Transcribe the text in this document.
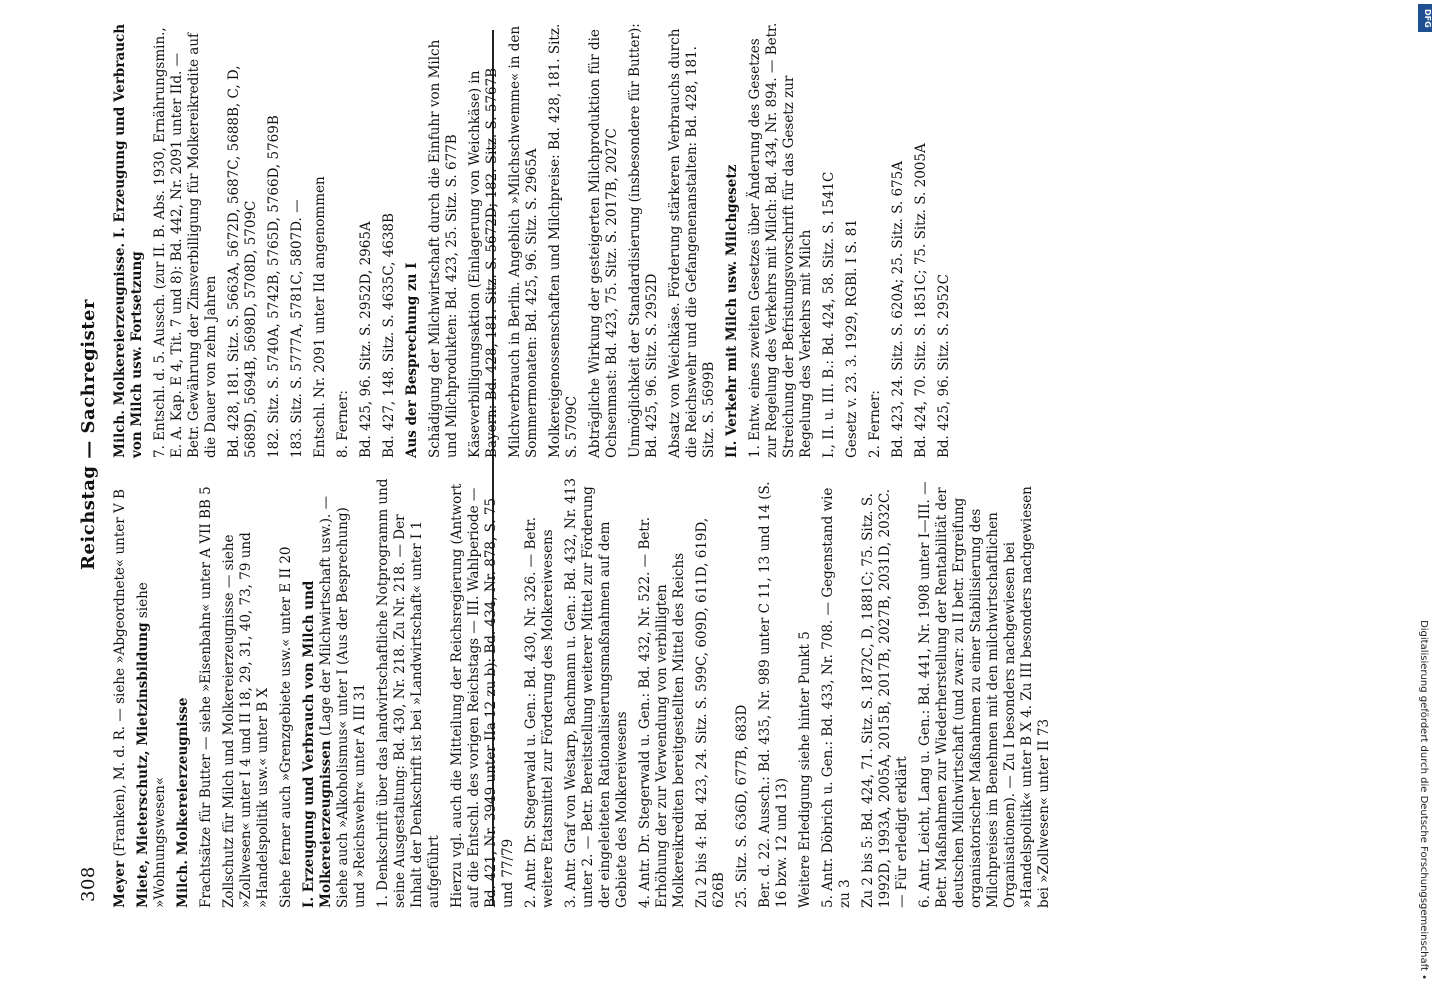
308
Reichstag — Sachregister
Meyer (Franken), M. d. R. — siehe »Abgeordnete« unter V B Miete, Mieterschutz, Mietzinsbildung siehe »Wohnungswesen« Milch. Molkereierzeugnisse Frachtsätze für Butter — siehe »Eisenbahn« unter A VII BB 5 Zollschutz für Milch und Molkereierzeugnisse — siehe »Zollwesen« unter I 4 und II 18, 29, 31, 40, 73, 79 und »Handelspolitik usw.« unter B X Siehe ferner auch »Grenzgebiete usw.« unter E II 20 I. Erzeugung und Verbrauch von Milch und Molkereierzeugnissen (Lage der Milchwirtschaft usw.). — Siehe auch »Alkoholismus« unter I (Aus der Besprechung) und »Reichswehr« unter A III 31 1. Denkschrift über das landwirtschaftliche Notprogramm und seine Ausgestaltung: Bd. 430, Nr. 218. Zu Nr. 218. — Der Inhalt der Denkschrift ist bei »Landwirtschaft« unter I 1 aufgeführt Hierzu vgl. auch die Mitteilung der Reichsregierung (Antwort auf die Entschl. des vorigen Reichstags — III. Wahlperiode — Bd. 421, Nr. 3949 unter IIa 12 zu b): Bd. 434, Nr. 878, S. 75 und 77/79 2. Antr. Dr. Stegerwald u. Gen.: Bd. 430, Nr. 326. — Betr. weitere Etatsmittel zur Förderung des Molkereiwesens 3. Antr. Graf von Westarp, Bachmann u. Gen.: Bd. 432, Nr. 413 unter 2. — Betr. Bereitstellung weiterer Mittel zur Förderung der eingeleiteten Rationalisierungsmaßnahmen auf dem Gebiete des Molkereiwesens 4. Antr. Dr. Stegerwald u. Gen.: Bd. 432, Nr. 522. — Betr. Erhöhung der zur Verwendung von verbilligten Molkereikrediten bereitgestellten Mittel des Reichs Zu 2 bis 4: Bd. 423, 24. Sitz. S. 599C, 609D, 611D, 619D, 626B 25. Sitz. S. 636D, 677B, 683D Ber. d. 22. Aussch.: Bd. 435, Nr. 989 unter C 11, 13 und 14 (S. 16 bzw. 12 und 13) Weitere Erledigung siehe hinter Punkt 5 5. Antr. Döbrich u. Gen.: Bd. 433, Nr. 708. — Gegenstand wie zu 3 Zu 2 bis 5: Bd. 424, 71. Sitz. S. 1872C, D, 1881C; 75. Sitz. S. 1992D, 1993A, 2005A, 2015B, 2017B, 2027B, 2031D, 2032C. — Für erledigt erklärt 6. Antr. Leicht, Lang u. Gen.: Bd. 441, Nr. 1908 unter I—III. — Betr. Maßnahmen zur Wiederherstellung der Rentabilität der deutschen Milchwirtschaft (und zwar: zu II betr. Ergreifung organisatorischer Maßnahmen zu einer Stabilisierung des Milchpreises im Benehmen mit den milchwirtschaftlichen Organisationen). — Zu I besonders nachgewiesen bei »Handelspolitik« unter B X 4. Zu III besonders nachgewiesen bei »Zollwesen« unter II 73
Milch. Molkereierzeugnisse. I. Erzeugung und Verbrauch von Milch usw. Fortsetzung 7. Entschl. d. 5. Aussch. (zur II. B. Abs. 1930, Ernährungsmin., E. A. Kap. E 4, Tit. 7 und 8): Bd. 442, Nr. 2091 unter IId. — Betr. Gewährung der Zinsverbilligung für Molkereikredite auf die Dauer von zehn Jahren Bd. 428, 181. Sitz. S. 5663A, 5672D, 5687C, 5688B, C, D, 5689D, 5694B, 5698D, 5708D, 5709C 182. Sitz. S. 5740A, 5742B, 5765D, 5766D, 5769B 183. Sitz. S. 5777A, 5781C, 5807D. — Entschl. Nr. 2091 unter IId angenommen 8. Ferner: Bd. 425, 96. Sitz. S. 2952D, 2965A Bd. 427, 148. Sitz. S. 4635C, 4638B Aus der Besprechung zu I Schädigung der Milchwirtschaft durch die Einfuhr von Milch und Milchprodukten: Bd. 423, 25. Sitz. S. 677B Käseverbilligungsaktion (Einlagerung von Weichkäse) in Bayern: Bd. 428, 181. Sitz. S. 5672D; 182. Sitz. S. 5767B Milchverbrauch in Berlin. Angeblich »Milchschwemme« in den Sommermonaten: Bd. 425, 96. Sitz. S. 2965A Molkereigenossenschaften und Milchpreise: Bd. 428, 181. Sitz. S. 5709C Abträgliche Wirkung der gesteigerten Milchproduktion für die Ochsenmast: Bd. 423, 75. Sitz. S. 2017B, 2027C Unmöglichkeit der Standardisierung (insbesondere für Butter): Bd. 425, 96. Sitz. S. 2952D Absatz von Weichkäse. Förderung stärkeren Verbrauchs durch die Reichswehr und die Gefangenenanstalten: Bd. 428, 181. Sitz. S. 5699B II. Verkehr mit Milch usw. Milchgesetz 1. Entw. eines zweiten Gesetzes über Änderung des Gesetzes zur Regelung des Verkehrs mit Milch: Bd. 434, Nr. 894. — Betr. Streichung der Befristungsvorschrift für das Gesetz zur Regelung des Verkehrs mit Milch I., II. u. III. B.: Bd. 424, 58. Sitz. S. 1541C Gesetz v. 23. 3. 1929, RGBl. I S. 81 2. Ferner: Bd. 423, 24. Sitz. S. 620A; 25. Sitz. S. 675A Bd. 424, 70. Sitz. S. 1851C; 75. Sitz. S. 2005A Bd. 425, 96. Sitz. S. 2952C
Digitalisierung gefördert durch die Deutsche Forschungsgemeinschaft •
DFG
